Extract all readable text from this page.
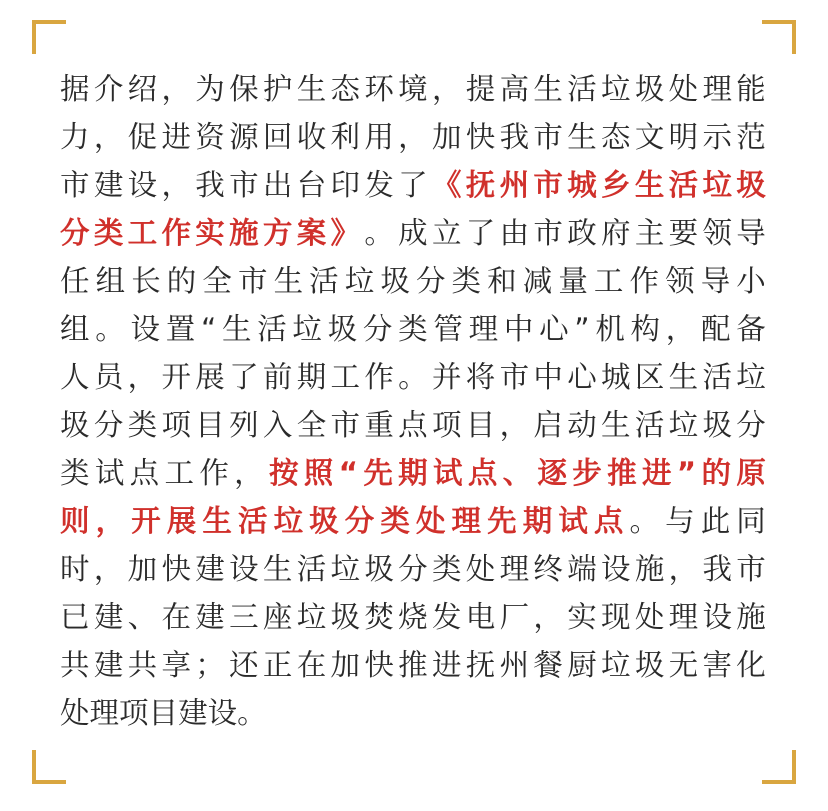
据 介 绍 ， 为 保 护 生 态 环 境 ， 提 高 生 活 垃 圾 处 理 能
力 ， 促 进 资 源 回 收 利 用 ， 加 快 我 市 生 态 文 明 示 范
市 建 设 ， 我 市 出 台 印 发 了 《 抚 州 市 城 乡 生 活 垃 圾
分 类 工 作 实 施 方 案 》 。 成 立 了 由 市 政 府 主 要 领 导
任 组 长 的 全 市 生 活 垃 圾 分 类 和 减 量 工 作 领 导 小
组 。 设 置 “ 生 活 垃 圾 分 类 管 理 中 心 ” 机 构 ， 配 备
人 员 ， 开 展 了 前 期 工 作 。 并 将 市 中 心 城 区 生 活 垃
圾 分 类 项 目 列 入 全 市 重 点 项 目 ， 启 动 生 活 垃 圾 分
类 试 点 工 作 ， 按 照 “ 先 期 试 点 、 逐 步 推 进 ” 的 原
则 ， 开 展 生 活 垃 圾 分 类 处 理 先 期 试 点 。 与 此 同
时 ， 加 快 建 设 生 活 垃 圾 分 类 处 理 终 端 设 施 ， 我 市
已 建 、 在 建 三 座 垃 圾 焚 烧 发 电 厂 ， 实 现 处 理 设 施
共 建 共 享 ； 还 正 在 加 快 推 进 抚 州 餐 厨 垃 圾 无 害 化
处 理 项 目 建 设 。
